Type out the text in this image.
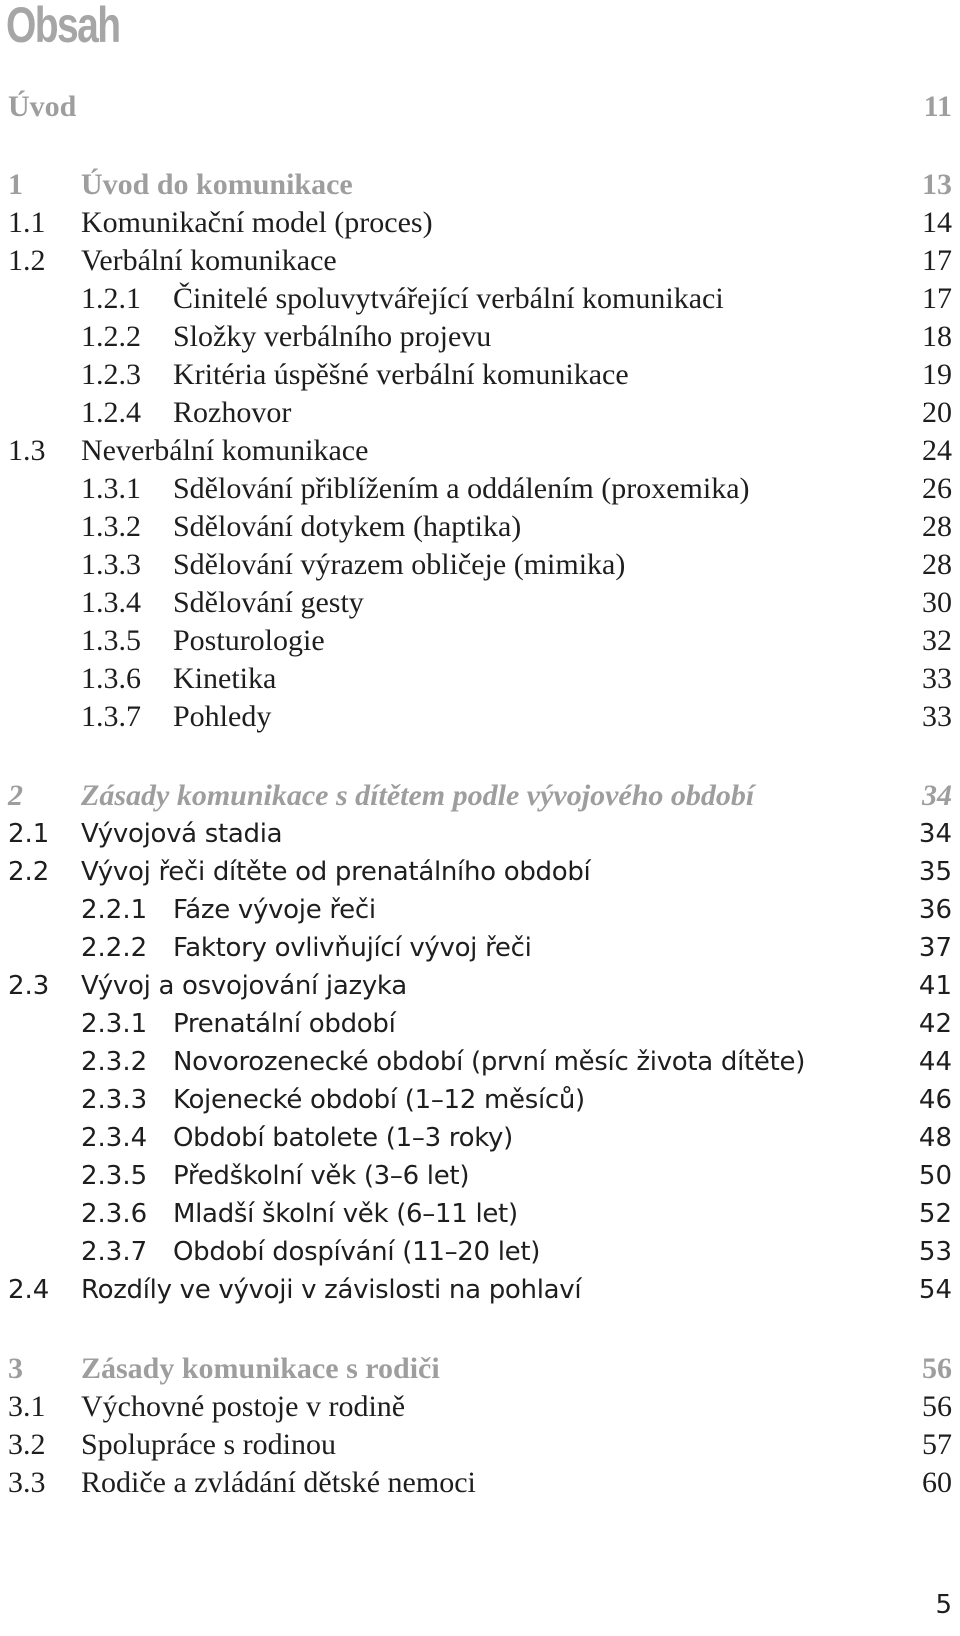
Obsah
Úvod	11
1 Úvod do komunikace	13
1.1 Komunikační model (proces)	14
1.2 Verbální komunikace	17
1.2.1 Činitelé spoluvytvářející verbální komunikaci	17
1.2.2 Složky verbálního projevu	18
1.2.3 Kritéria úspěšné verbální komunikace	19
1.2.4 Rozhovor	20
1.3 Neverbální komunikace	24
1.3.1 Sdělování přiblížením a oddálením (proxemika)	26
1.3.2 Sdělování dotykem (haptika)	28
1.3.3 Sdělování výrazem obličeje (mimika)	28
1.3.4 Sdělování gesty	30
1.3.5 Posturologie	32
1.3.6 Kinetika	33
1.3.7 Pohledy	33
2 Zásady komunikace s dítětem podle vývojového období	34
2.1 Vývojová stadia	34
2.2 Vývoj řeči dítěte od prenatálního období	35
2.2.1 Fáze vývoje řeči	36
2.2.2 Faktory ovlivňující vývoj řeči	37
2.3 Vývoj a osvojování jazyka	41
2.3.1 Prenatální období	42
2.3.2 Novorozenecké období (první měsíc života dítěte)	44
2.3.3 Kojenecké období (1–12 měsíců)	46
2.3.4 Období batolete (1–3 roky)	48
2.3.5 Předškolní věk (3–6 let)	50
2.3.6 Mladší školní věk (6–11 let)	52
2.3.7 Období dospívání (11–20 let)	53
2.4 Rozdíly ve vývoji v závislosti na pohlaví	54
3 Zásady komunikace s rodiči	56
3.1 Výchovné postoje v rodině	56
3.2 Spolupráce s rodinou	57
3.3 Rodiče a zvládání dětské nemoci	60
5
